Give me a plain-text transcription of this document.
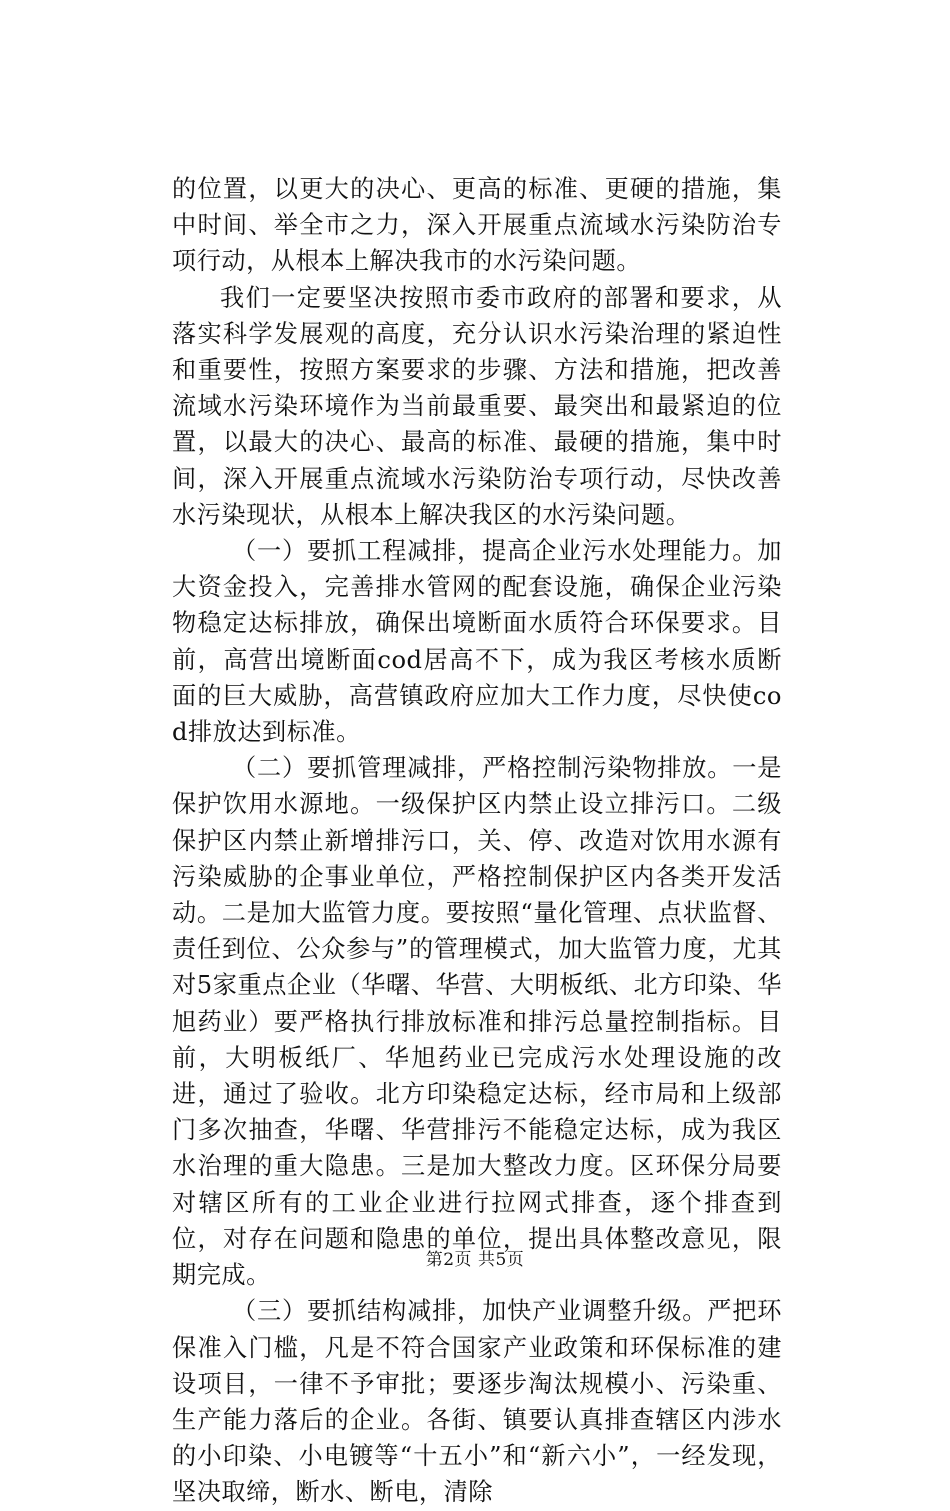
的位置，以更大的决心、更高的标准、更硬的措施，集中时间、举全市之力，深入开展重点流域水污染防治专项行动，从根本上解决我市的水污染问题。

我们一定要坚决按照市委市政府的部署和要求，从落实科学发展观的高度，充分认识水污染治理的紧迫性和重要性，按照方案要求的步骤、方法和措施，把改善流域水污染环境作为当前最重要、最突出和最紧迫的位置，以最大的决心、最高的标准、最硬的措施，集中时间，深入开展重点流域水污染防治专项行动，尽快改善水污染现状，从根本上解决我区的水污染问题。

（一）要抓工程减排，提高企业污水处理能力。加大资金投入，完善排水管网的配套设施，确保企业污染物稳定达标排放，确保出境断面水质符合环保要求。目前，高营出境断面cod居高不下，成为我区考核水质断面的巨大威胁，高营镇政府应加大工作力度，尽快使cod排放达到标准。

（二）要抓管理减排，严格控制污染物排放。一是保护饮用水源地。一级保护区内禁止设立排污口。二级保护区内禁止新增排污口，关、停、改造对饮用水源有污染威胁的企事业单位，严格控制保护区内各类开发活动。二是加大监管力度。要按照“量化管理、点状监督、责任到位、公众参与”的管理模式，加大监管力度，尤其对5家重点企业（华曙、华营、大明板纸、北方印染、华旭药业）要严格执行排放标准和排污总量控制指标。目前，大明板纸厂、华旭药业已完成污水处理设施的改进，通过了验收。北方印染稳定达标，经市局和上级部门多次抽查，华曙、华营排污不能稳定达标，成为我区水治理的重大隐患。三是加大整改力度。区环保分局要对辖区所有的工业企业进行拉网式排查，逐个排查到位，对存在问题和隐患的单位，提出具体整改意见，限期完成。

（三）要抓结构减排，加快产业调整升级。严把环保准入门槛，凡是不符合国家产业政策和环保标准的建设项目，一律不予审批；要逐步淘汰规模小、污染重、生产能力落后的企业。各街、镇要认真排查辖区内涉水的小印染、小电镀等“十五小”和“新六小”，一经发现，坚决取缔，断水、断电，清除

第2页 共5页
